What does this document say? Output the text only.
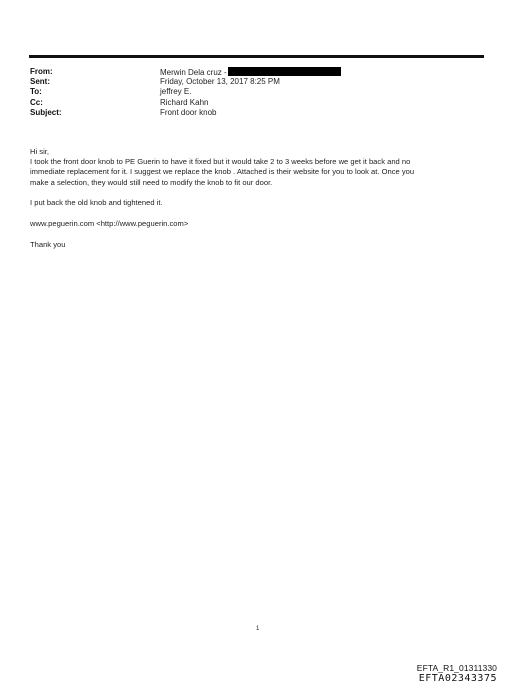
From:	Merwin Dela cruz -
Sent:	Friday, October 13, 2017 8:25 PM
To:	jeffrey E.
Cc:	Richard Kahn
Subject:	Front door knob

Hi sir,

I took the front door knob to PE Guerin to have it fixed but it would take 2 to 3 weeks before we get it back and no

immediate replacement for it. I suggest we replace the knob . Attached is their website for you to look at. Once you

make a selection, they would still need to modify the knob to fit our door.

I put back the old knob and tightened it.

www.peguerin.com <http://www.peguerin.com>

Thank you

1
EFTA_R1_01311330
EFTA02343375
